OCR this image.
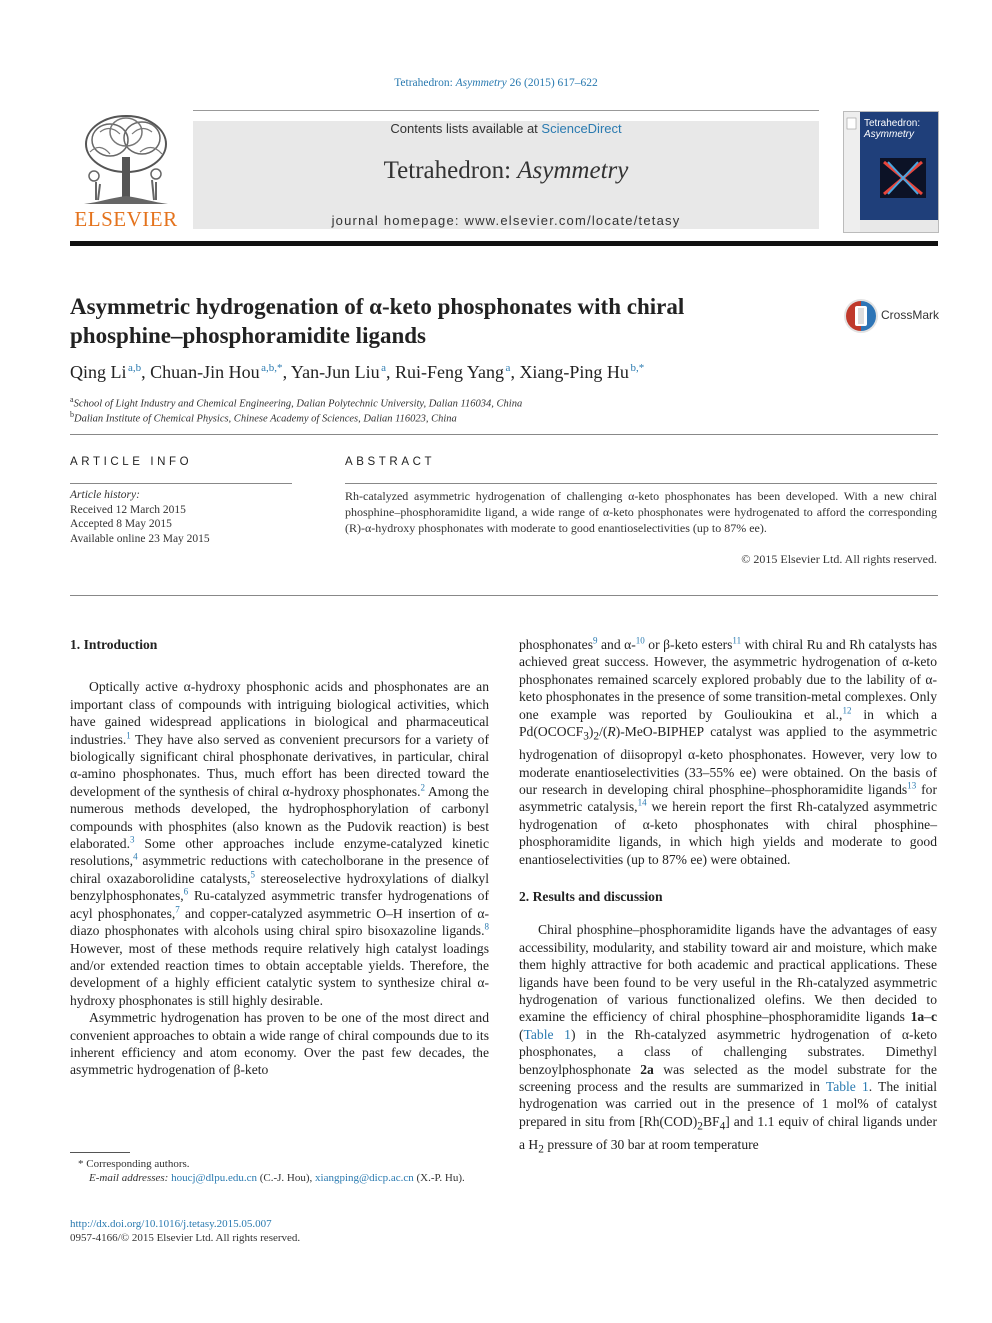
Tetrahedron: Asymmetry 26 (2015) 617–622
ELSEVIER
Contents lists available at ScienceDirect
Tetrahedron: Asymmetry
journal homepage: www.elsevier.com/locate/tetasy
Tetrahedron:
Asymmetry
Asymmetric hydrogenation of α-keto phosphonates with chiral
phosphine–phosphoramidite ligands
CrossMark
Qing Li  $^{a,b}$, Chuan-Jin Hou  $^{a,b,*}$, Yan-Jun Liu  $^a$, Rui-Feng Yang  $^a$, Xiang-Ping Hu  $^{b,*}$
$^a$School of Light Industry and Chemical Engineering, Dalian Polytechnic University, Dalian 116034, China
$^b$Dalian Institute of Chemical Physics, Chinese Academy of Sciences, Dalian 116023, China
ARTICLE INFO	ABSTRACT
Article history:
Received 12 March 2015
Accepted 8 May 2015
Available online 23 May 2015
Rh-catalyzed asymmetric hydrogenation of challenging α-keto phosphonates has been developed. With a new chiral phosphine–phosphoramidite ligand, a wide range of α-keto phosphonates were hydrogenated to afford the corresponding (R)-α-hydroxy phosphonates with moderate to good enantioselectivities (up to 87% ee).
© 2015 Elsevier Ltd. All rights reserved.
1. Introduction

Optically active α-hydroxy phosphonic acids and phosphonates are an important class of compounds with intriguing biological activities, which have gained widespread applications in biological and pharmaceutical industries.$^1$ They have also served as convenient precursors for a variety of biologically significant chiral phosphonate derivatives, in particular, chiral α-amino phosphonates. Thus, much effort has been directed toward the development of the synthesis of chiral α-hydroxy phosphonates.$^2$ Among the numerous methods developed, the hydrophosphorylation of carbonyl compounds with phosphites (also known as the Pudovik reaction) is best elaborated.$^3$ Some other approaches include enzyme-catalyzed kinetic resolutions,$^4$ asymmetric reductions with catecholborane in the presence of chiral oxazaborolidine catalysts,$^5$ stereoselective hydroxylations of dialkyl benzylphosphonates,$^6$ Ru-catalyzed asymmetric transfer hydrogenations of acyl phosphonates,$^7$ and copper-catalyzed asymmetric O–H insertion of α-diazo phosphonates with alcohols using chiral spiro bisoxazoline ligands.$^8$ However, most of these methods require relatively high catalyst loadings and/or extended reaction times to obtain acceptable yields. Therefore, the development of a highly efficient catalytic system to synthesize chiral α-hydroxy phosphonates is still highly desirable.

Asymmetric hydrogenation has proven to be one of the most direct and convenient approaches to obtain a wide range of chiral compounds due to its inherent efficiency and atom economy. Over the past few decades, the asymmetric hydrogenation of β-keto

* Corresponding authors.
E-mail addresses: houcj@dlpu.edu.cn (C.-J. Hou), xiangping@dicp.ac.cn (X.-P. Hu).
http://dx.doi.org/10.1016/j.tetasy.2015.05.007
0957-4166/© 2015 Elsevier Ltd. All rights reserved.

phosphonates$^9$ and α-$^{10}$ or β-keto esters$^{11}$ with chiral Ru and Rh catalysts has achieved great success. However, the asymmetric hydrogenation of α-keto phosphonates remained scarcely explored probably due to the lability of α-keto phosphonates in the presence of some transition-metal complexes. Only one example was reported by Goulioukina et al.,$^{12}$ in which a $Pd(OCOCF_3)_2/(R)-MeO$-BIPHEP catalyst was applied to the asymmetric hydrogenation of diisopropyl α-keto phosphonates. However, very low to moderate enantioselectivities (33–55% ee) were obtained. On the basis of our research in developing chiral phosphine–phosphoramidite ligands$^{13}$ for asymmetric catalysis,$^{14}$ we herein report the first Rh-catalyzed asymmetric hydrogenation of α-keto phosphonates with chiral phosphine–phosphoramidite ligands, in which high yields and moderate to good enantioselectivities (up to 87% ee) were obtained.

2. Results and discussion

Chiral phosphine–phosphoramidite ligands have the advantages of easy accessibility, modularity, and stability toward air and moisture, which make them highly attractive for both academic and practical applications. These ligands have been found to be very useful in the Rh-catalyzed asymmetric hydrogenation of various functionalized olefins. We then decided to examine the efficiency of chiral phosphine–phosphoramidite ligands 1a–c (Table 1) in the Rh-catalyzed asymmetric hydrogenation of α-keto phosphonates, a class of challenging substrates. Dimethyl benzoylphosphonate 2a was selected as the model substrate for the screening process and the results are summarized in Table 1. The initial hydrogenation was carried out in the presence of 1 mol% of catalyst prepared in situ from $[Rh(COD)_2BF_4]$ and 1.1 equiv of chiral ligands under a $H_2$ pressure of 30 bar at room temperature
